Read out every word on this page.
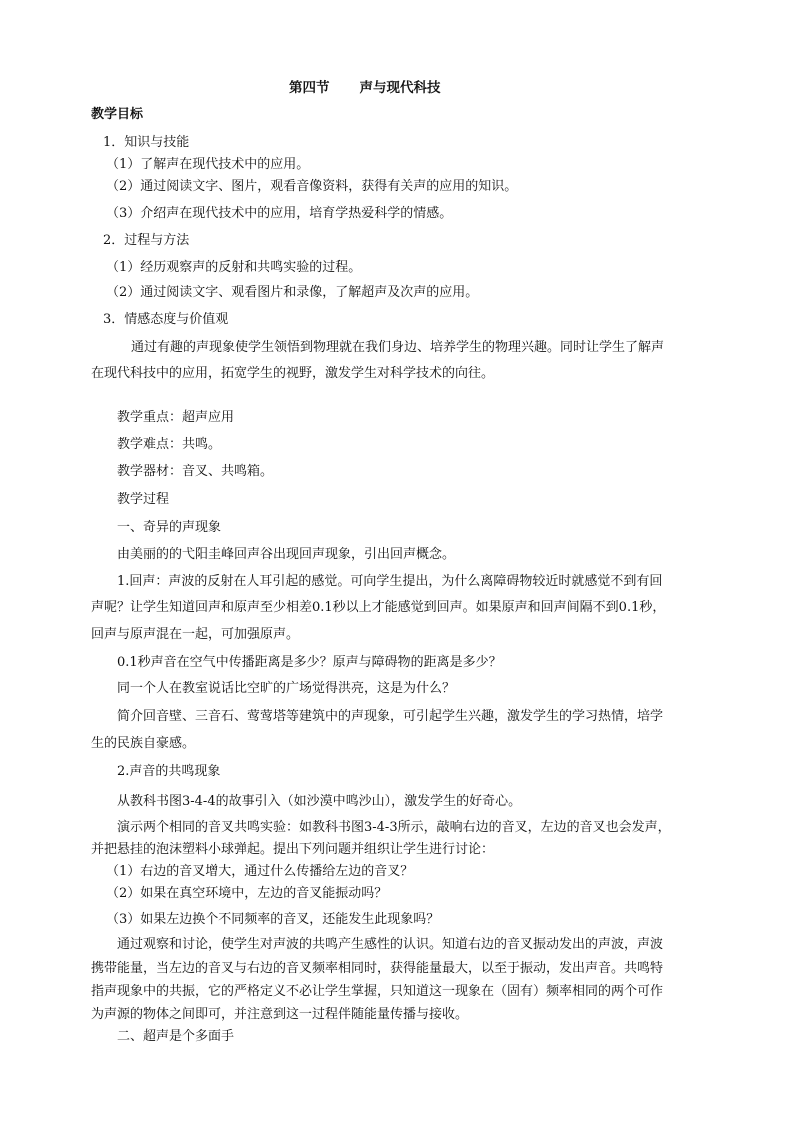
第四节 声与现代科技
教学目标
1．知识与技能
（1）了解声在现代技术中的应用。
（2）通过阅读文字、图片，观看音像资料，获得有关声的应用的知识。
（3）介绍声在现代技术中的应用，培育学热爱科学的情感。
2．过程与方法
（1）经历观察声的反射和共鸣实验的过程。
（2）通过阅读文字、观看图片和录像，了解超声及次声的应用。
3．情感态度与价值观
通过有趣的声现象使学生领悟到物理就在我们身边、培养学生的物理兴趣。同时让学生了解声
在现代科技中的应用，拓宽学生的视野，激发学生对科学技术的向往。
教学重点：超声应用
教学难点：共鸣。
教学器材：音叉、共鸣箱。
教学过程
一、奇异的声现象
由美丽的的弋阳圭峰回声谷出现回声现象，引出回声概念。
1.回声：声波的反射在人耳引起的感觉。可向学生提出，为什么离障碍物较近时就感觉不到有回
声呢？让学生知道回声和原声至少相差0.1秒以上才能感觉到回声。如果原声和回声间隔不到0.1秒，
回声与原声混在一起，可加强原声。
0.1秒声音在空气中传播距离是多少？原声与障碍物的距离是多少？
同一个人在教室说话比空旷的广场觉得洪亮，这是为什么？
简介回音壁、三音石、莺莺塔等建筑中的声现象，可引起学生兴趣，激发学生的学习热情，培学
生的民族自豪感。
2.声音的共鸣现象
从教科书图3-4-4的故事引入（如沙漠中鸣沙山），激发学生的好奇心。
演示两个相同的音叉共鸣实验：如教科书图3-4-3所示，敲响右边的音叉，左边的音叉也会发声，
并把悬挂的泡沫塑料小球弹起。提出下列问题并组织让学生进行讨论：
（1）右边的音叉增大，通过什么传播给左边的音叉？
（2）如果在真空环境中，左边的音叉能振动吗？
（3）如果左边换个不同频率的音叉，还能发生此现象吗？
通过观察和讨论，使学生对声波的共鸣产生感性的认识。知道右边的音叉振动发出的声波，声波
携带能量，当左边的音叉与右边的音叉频率相同时，获得能量最大，以至于振动，发出声音。共鸣特
指声现象中的共振，它的严格定义不必让学生掌握，只知道这一现象在（固有）频率相同的两个可作
为声源的物体之间即可，并注意到这一过程伴随能量传播与接收。
二、超声是个多面手
